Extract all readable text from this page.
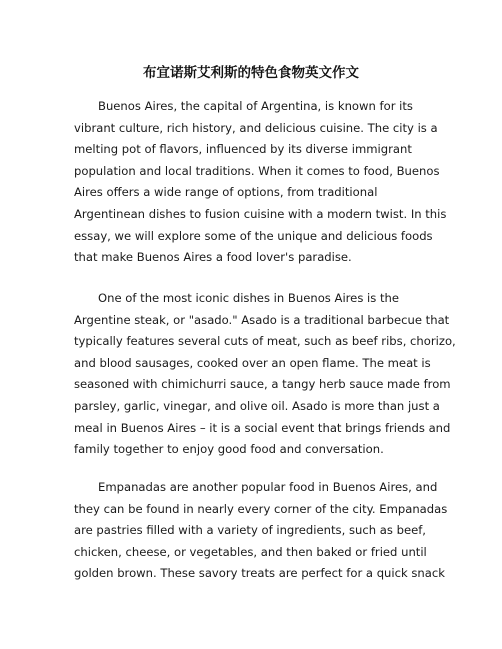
布宜诺斯艾利斯的特色食物英文作文

Buenos Aires, the capital of Argentina, is known for its
vibrant culture, rich history, and delicious cuisine. The city is a
melting pot of flavors, influenced by its diverse immigrant
population and local traditions. When it comes to food, Buenos
Aires offers a wide range of options, from traditional
Argentinean dishes to fusion cuisine with a modern twist. In this
essay, we will explore some of the unique and delicious foods
that make Buenos Aires a food lover's paradise.

One of the most iconic dishes in Buenos Aires is the
Argentine steak, or "asado." Asado is a traditional barbecue that
typically features several cuts of meat, such as beef ribs, chorizo,
and blood sausages, cooked over an open flame. The meat is
seasoned with chimichurri sauce, a tangy herb sauce made from
parsley, garlic, vinegar, and olive oil. Asado is more than just a
meal in Buenos Aires – it is a social event that brings friends and
family together to enjoy good food and conversation.

Empanadas are another popular food in Buenos Aires, and
they can be found in nearly every corner of the city. Empanadas
are pastries filled with a variety of ingredients, such as beef,
chicken, cheese, or vegetables, and then baked or fried until
golden brown. These savory treats are perfect for a quick snack
